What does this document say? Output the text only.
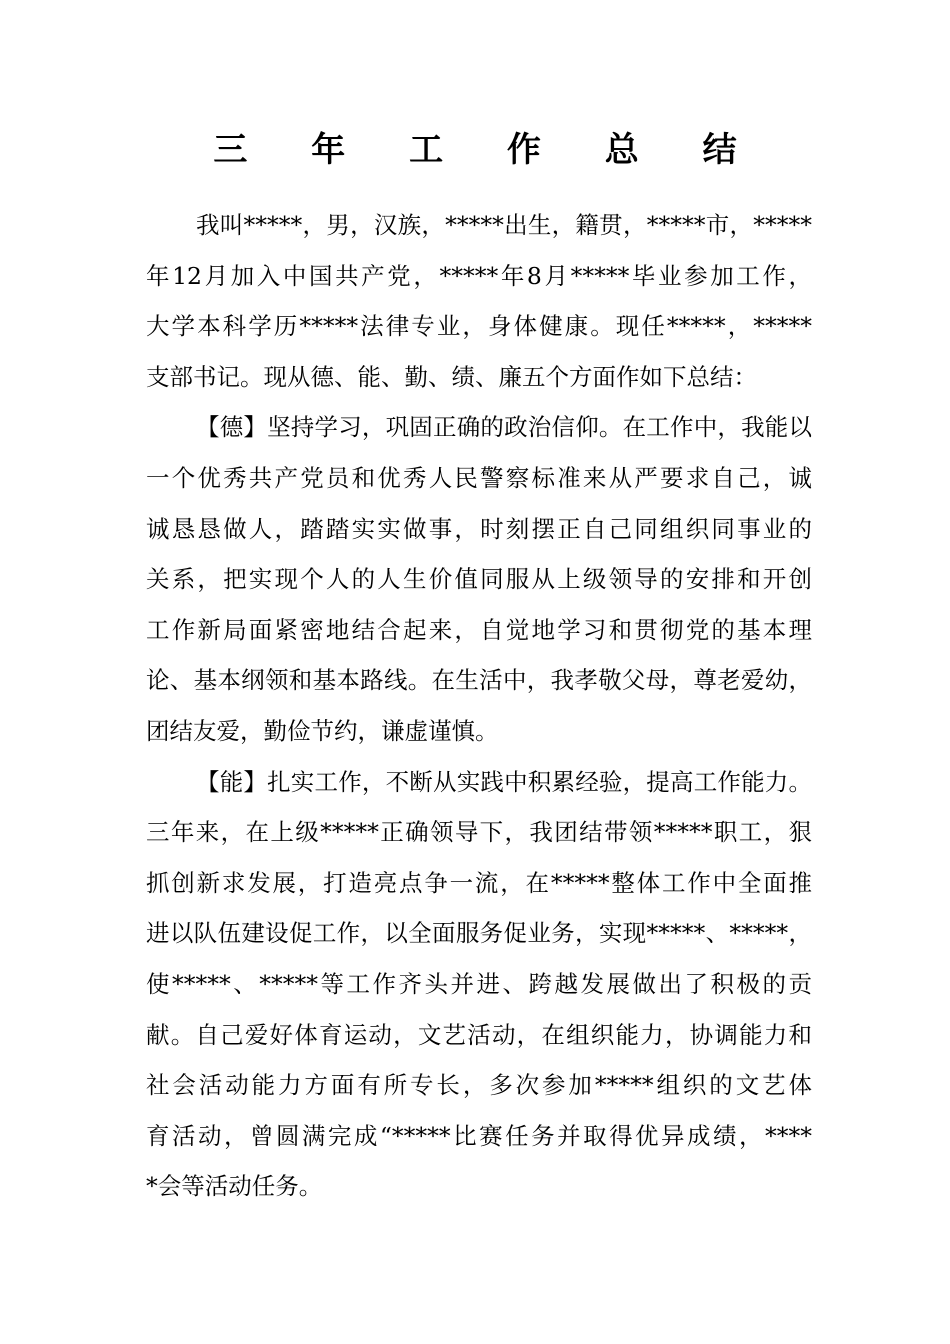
三 年 工 作 总 结
我叫*****，男，汉族，*****出生，籍贯，*****市，*****
年12月加入中国共产党，*****年8月*****毕业参加工作，
大学本科学历*****法律专业，身体健康。现任*****，*****
支部书记。现从德、能、勤、绩、廉五个方面作如下总结：
【德】坚持学习，巩固正确的政治信仰。在工作中，我能以
一个优秀共产党员和优秀人民警察标准来从严要求自己，诚
诚恳恳做人，踏踏实实做事，时刻摆正自己同组织同事业的
关系，把实现个人的人生价值同服从上级领导的安排和开创
工作新局面紧密地结合起来，自觉地学习和贯彻党的基本理
论、基本纲领和基本路线。在生活中，我孝敬父母，尊老爱幼，
团结友爱，勤俭节约，谦虚谨慎。
【能】扎实工作，不断从实践中积累经验，提高工作能力。
三年来，在上级*****正确领导下，我团结带领*****职工，狠
抓创新求发展，打造亮点争一流，在*****整体工作中全面推
进以队伍建设促工作，以全面服务促业务，实现*****、*****，
使*****、*****等工作齐头并进、跨越发展做出了积极的贡
献。自己爱好体育运动，文艺活动，在组织能力，协调能力和
社会活动能力方面有所专长，多次参加*****组织的文艺体
育活动，曾圆满完成“*****比赛任务并取得优异成绩，****
*会等活动任务。
